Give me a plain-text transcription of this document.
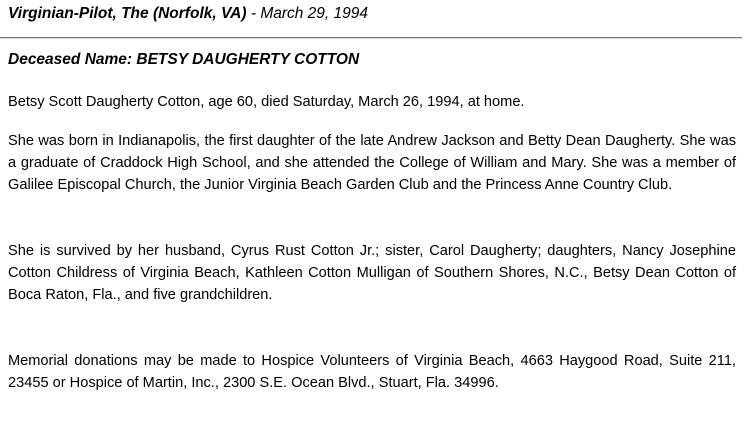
Virginian-Pilot, The (Norfolk, VA) - March 29, 1994
Deceased Name: BETSY DAUGHERTY COTTON

Betsy Scott Daugherty Cotton, age 60, died Saturday, March 26, 1994, at home.

She was born in Indianapolis, the first daughter of the late Andrew Jackson and Betty Dean Daugherty. She was a graduate of Craddock High School, and she attended the College of William and Mary. She was a member of Galilee Episcopal Church, the Junior Virginia Beach Garden Club and the Princess Anne Country Club.

She is survived by her husband, Cyrus Rust Cotton Jr.; sister, Carol Daugherty; daughters, Nancy Josephine Cotton Childress of Virginia Beach, Kathleen Cotton Mulligan of Southern Shores, N.C., Betsy Dean Cotton of Boca Raton, Fla., and five grandchildren.

Memorial donations may be made to Hospice Volunteers of Virginia Beach, 4663 Haygood Road, Suite 211, 23455 or Hospice of Martin, Inc., 2300 S.E. Ocean Blvd., Stuart, Fla. 34996.
